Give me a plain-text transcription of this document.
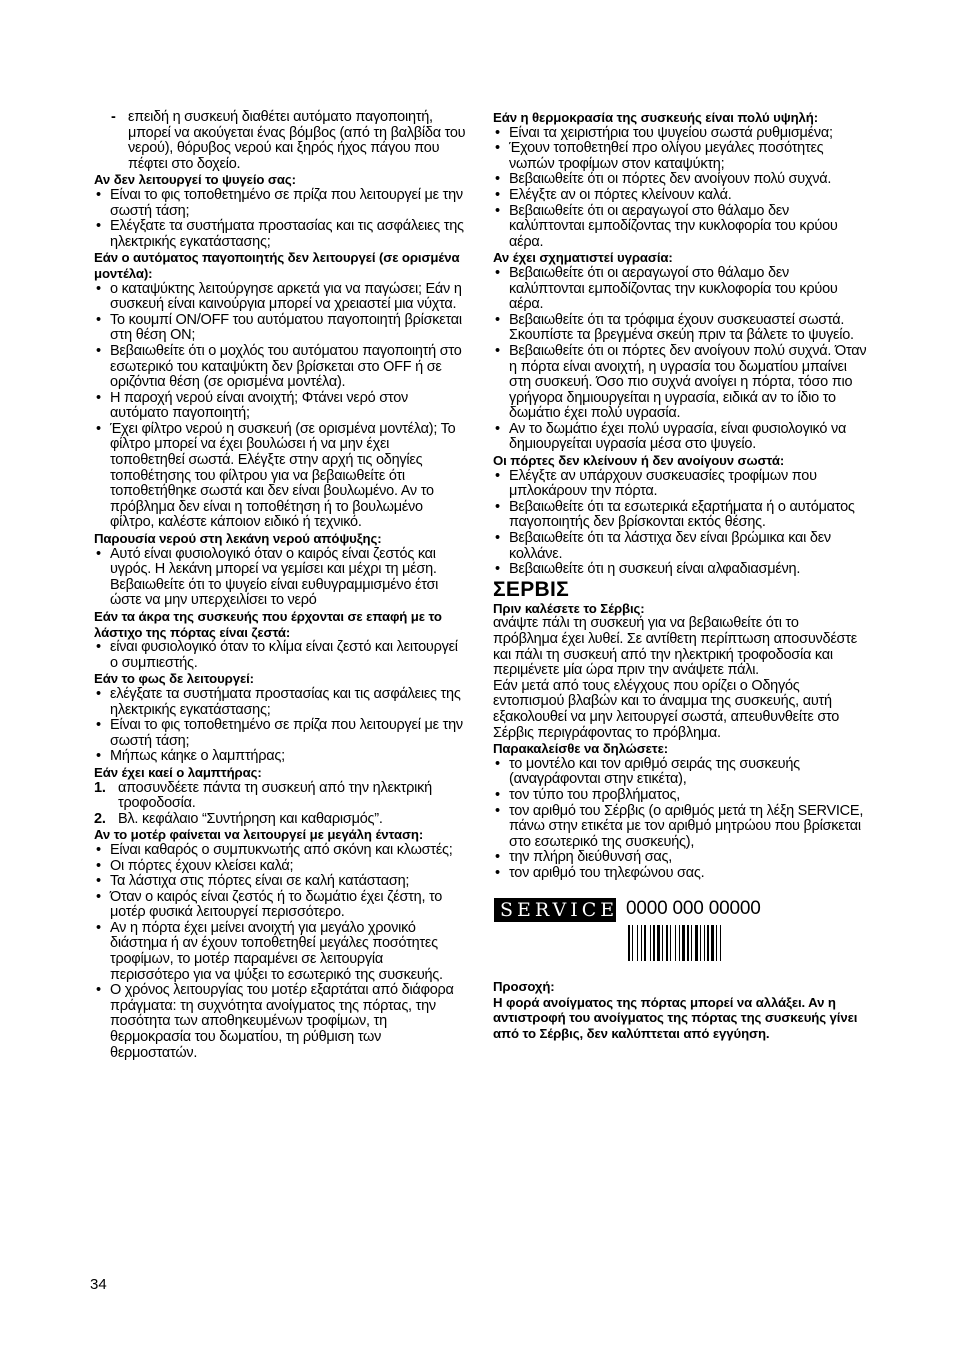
- επειδή η συσκευή διαθέτει αυτόματο παγοποιητή, μπορεί να ακούγεται ένας βόμβος (από τη βαλβίδα του νερού), θόρυβος νερού και ξηρός ήχος πάγου που πέφτει στο δοχείο.
Αν δεν λειτουργεί το ψυγείο σας:
• Είναι το φις τοποθετημένο σε πρίζα που λειτουργεί με την σωστή τάση;
• Ελέγξατε τα συστήματα προστασίας και τις ασφάλειες της ηλεκτρικής εγκατάστασης;
Εάν ο αυτόματος παγοποιητής δεν λειτουργεί (σε ορισμένα μοντέλα):
• ο καταψύκτης λειτούργησε αρκετά για να παγώσει; Εάν η συσκευή είναι καινούργια μπορεί να χρειαστεί μια νύχτα.
• Το κουμπί ON/OFF του αυτόματου παγοποιητή βρίσκεται στη θέση ON;
• Βεβαιωθείτε ότι ο μοχλός του αυτόματου παγοποιητή στο εσωτερικό του καταψύκτη δεν βρίσκεται στο OFF ή σε οριζόντια θέση (σε ορισμένα μοντέλα).
• Η παροχή νερού είναι ανοιχτή; Φτάνει νερό στον αυτόματο παγοποιητή;
• Έχει φίλτρο νερού η συσκευή (σε ορισμένα μοντέλα); Το φίλτρο μπορεί να έχει βουλώσει ή να μην έχει τοποθετηθεί σωστά. Ελέγξτε στην αρχή τις οδηγίες τοποθέτησης του φίλτρου για να βεβαιωθείτε ότι τοποθετήθηκε σωστά και δεν είναι βουλωμένο. Αν το πρόβλημα δεν είναι η τοποθέτηση ή το βουλωμένο φίλτρο, καλέστε κάποιον ειδικό ή τεχνικό.
Παρουσία νερού στη λεκάνη νερού απόψυξης:
• Αυτό είναι φυσιολογικό όταν ο καιρός είναι ζεστός και υγρός. Η λεκάνη μπορεί να γεμίσει και μέχρι τη μέση. Βεβαιωθείτε ότι το ψυγείο είναι ευθυγραμμισμένο έτσι ώστε να μην υπερχειλίσει το νερό
Εάν τα άκρα της συσκευής που έρχονται σε επαφή με το λάστιχο της πόρτας είναι ζεστά:
• είναι φυσιολογικό όταν το κλίμα είναι ζεστό και λειτουργεί ο συμπιεστής.
Εάν το φως δε λειτουργεί:
• ελέγξατε τα συστήματα προστασίας και τις ασφάλειες της ηλεκτρικής εγκατάστασης;
• Είναι το φις τοποθετημένο σε πρίζα που λειτουργεί με την σωστή τάση;
• Μήπως κάηκε ο λαμπτήρας;
Εάν έχει καεί ο λαμπτήρας:
1. αποσυνδέετε πάντα τη συσκευή από την ηλεκτρική τροφοδοσία.
2. Βλ. κεφάλαιο “Συντήρηση και καθαρισμός”.
Αν το μοτέρ φαίνεται να λειτουργεί με μεγάλη ένταση:
• Είναι καθαρός ο συμπυκνωτής από σκόνη και κλωστές;
• Οι πόρτες έχουν κλείσει καλά;
• Τα λάστιχα στις πόρτες είναι σε καλή κατάσταση;
• Όταν ο καιρός είναι ζεστός ή το δωμάτιο έχει ζέστη, το μοτέρ φυσικά λειτουργεί περισσότερο.
• Αν η πόρτα έχει μείνει ανοιχτή για μεγάλο χρονικό διάστημα ή αν έχουν τοποθετηθεί μεγάλες ποσότητες τροφίμων, το μοτέρ παραμένει σε λειτουργία περισσότερο για να ψύξει το εσωτερικό της συσκευής.
• Ο χρόνος λειτουργίας του μοτέρ εξαρτάται από διάφορα πράγματα: τη συχνότητα ανοίγματος της πόρτας, την ποσότητα των αποθηκευμένων τροφίμων, τη θερμοκρασία του δωματίου, τη ρύθμιση των θερμοστατών.
Εάν η θερμοκρασία της συσκευής είναι πολύ υψηλή:
• Είναι τα χειριστήρια του ψυγείου σωστά ρυθμισμένα;
• Έχουν τοποθετηθεί προ ολίγου μεγάλες ποσότητες νωπών τροφίμων στον καταψύκτη;
• Βεβαιωθείτε ότι οι πόρτες δεν ανοίγουν πολύ συχνά.
• Ελέγξτε αν οι πόρτες κλείνουν καλά.
• Βεβαιωθείτε ότι οι αεραγωγοί στο θάλαμο δεν καλύπτονται εμποδίζοντας την κυκλοφορία του κρύου αέρα.
Αν έχει σχηματιστεί υγρασία:
• Βεβαιωθείτε ότι οι αεραγωγοί στο θάλαμο δεν καλύπτονται εμποδίζοντας την κυκλοφορία του κρύου αέρα.
• Βεβαιωθείτε ότι τα τρόφιμα έχουν συσκευαστεί σωστά. Σκουπίστε τα βρεγμένα σκεύη πριν τα βάλετε το ψυγείο.
• Βεβαιωθείτε ότι οι πόρτες δεν ανοίγουν πολύ συχνά. Όταν η πόρτα είναι ανοιχτή, η υγρασία του δωματίου μπαίνει στη συσκευή. Όσο πιο συχνά ανοίγει η πόρτα, τόσο πιο γρήγορα δημιουργείται η υγρασία, ειδικά αν το ίδιο το δωμάτιο έχει πολύ υγρασία.
• Αν το δωμάτιο έχει πολύ υγρασία, είναι φυσιολογικό να δημιουργείται υγρασία μέσα στο ψυγείο.
Οι πόρτες δεν κλείνουν ή δεν ανοίγουν σωστά:
• Ελέγξτε αν υπάρχουν συσκευασίες τροφίμων που μπλοκάρουν την πόρτα.
• Βεβαιωθείτε ότι τα εσωτερικά εξαρτήματα ή ο αυτόματος παγοποιητής δεν βρίσκονται εκτός θέσης.
• Βεβαιωθείτε ότι τα λάστιχα δεν είναι βρώμικα και δεν κολλάνε.
• Βεβαιωθείτε ότι η συσκευή είναι αλφαδιασμένη.
ΣΕΡΒΙΣ
Πριν καλέσετε το Σέρβις:

ανάψτε πάλι τη συσκευή για να βεβαιωθείτε ότι το πρόβλημα έχει λυθεί. Σε αντίθετη περίπτωση αποσυνδέστε και πάλι τη συσκευή από την ηλεκτρική τροφοδοσία και περιμένετε μία ώρα πριν την ανάψετε πάλι.

Εάν μετά από τους ελέγχους που ορίζει ο Οδηγός εντοπισμού βλαβών και το άναμμα της συσκευής, αυτή εξακολουθεί να μην λειτουργεί σωστά, απευθυνθείτε στο Σέρβις περιγράφοντας το πρόβλημα.

Παρακαλείσθε να δηλώσετε:
• το μοντέλο και τον αριθμό σειράς της συσκευής (αναγράφονται στην ετικέτα),
• τον τύπο του προβλήματος,
• τον αριθμό του Σέρβις (ο αριθμός μετά τη λέξη SERVICE, πάνω στην ετικέτα με τον αριθμό μητρώου που βρίσκεται στο εσωτερικό της συσκευής),
• την πλήρη διεύθυνσή σας,
• τον αριθμό του τηλεφώνου σας.
SERVICE 0000 000 00000
Προσοχή:
Η φορά ανοίγματος της πόρτας μπορεί να αλλάξει. Αν η αντιστροφή του ανοίγματος της πόρτας της συσκευής γίνει από το Σέρβις, δεν καλύπτεται από εγγύηση.
34
